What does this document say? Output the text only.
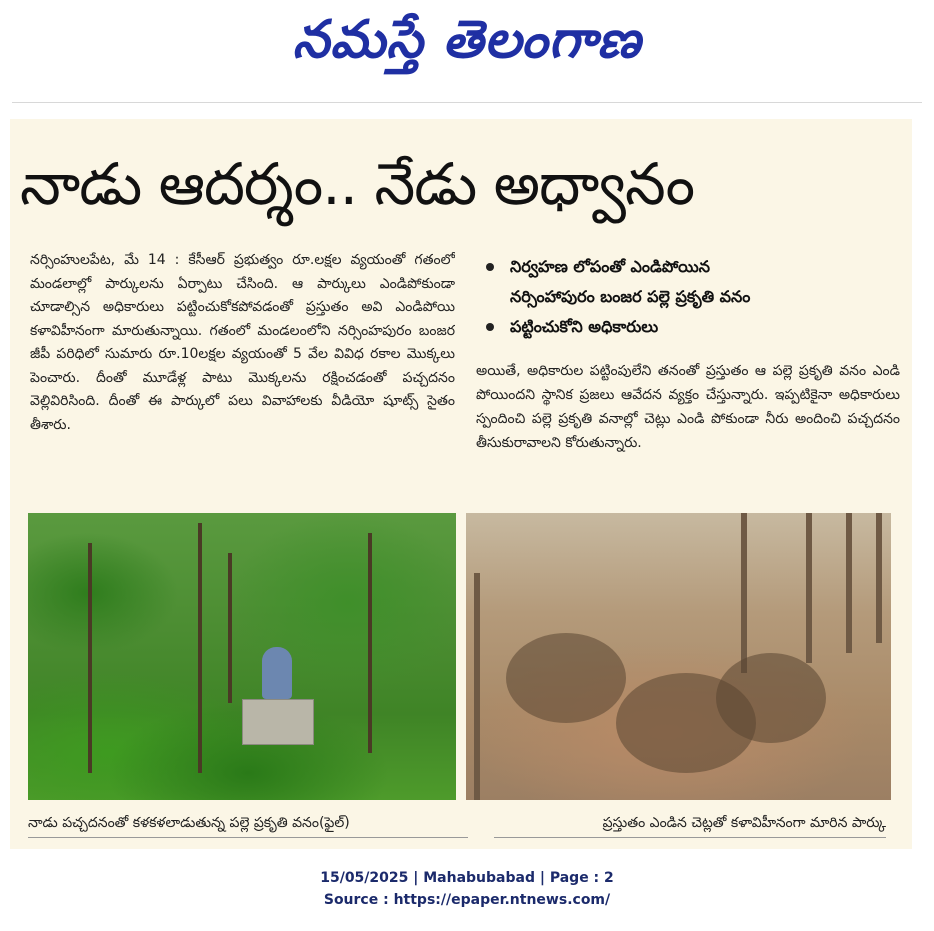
నమస్తే తెలంగాణ
నాడు ఆదర్శం.. నేడు అధ్వానం
నర్సింహులపేట, మే 14 : కేసీఆర్ ప్రభుత్వం రూ.లక్షల వ్యయంతో గతంలో మండలాల్లో పార్కులను ఏర్పాటు చేసింది. ఆ పార్కులు ఎండిపోకుండా చూడాల్సిన అధికారులు పట్టించుకోకపోవడంతో ప్రస్తుతం అవి ఎండిపోయి కళావిహీనంగా మారుతున్నాయి. గతంలో మండలంలోని నర్సింహపురం బంజర జీపీ పరిధిలో సుమారు రూ.10లక్షల వ్యయంతో 5 వేల వివిధ రకాల మొక్కలు పెంచారు. దీంతో మూడేళ్ల పాటు మొక్కలను రక్షించడంతో పచ్చదనం వెల్లివిరిసింది. దీంతో ఈ పార్కులో పలు వివాహాలకు వీడియో షూట్స్ సైతం తీశారు.
నిర్వహణ లోపంతో ఎండిపోయిన
నర్సింహాపురం బంజర పల్లె ప్రకృతి వనం
పట్టించుకోని అధికారులు
అయితే, అధికారుల పట్టింపులేని తనంతో ప్రస్తుతం ఆ పల్లె ప్రకృతి వనం ఎండి పోయిందని స్థానిక ప్రజలు ఆవేదన వ్యక్తం చేస్తున్నారు. ఇప్పటికైనా అధికారులు స్పందించి పల్లె ప్రకృతి వనాల్లో చెట్లు ఎండి పోకుండా నీరు అందించి పచ్చదనం తీసుకురావాలని కోరుతున్నారు.
నాడు పచ్చదనంతో కళకళలాడుతున్న పల్లె ప్రకృతి వనం(ఫైల్)	ప్రస్తుతం ఎండిన చెట్లతో కళావిహీనంగా మారిన పార్కు
15/05/2025 | Mahabubabad | Page : 2
Source : https://epaper.ntnews.com/
